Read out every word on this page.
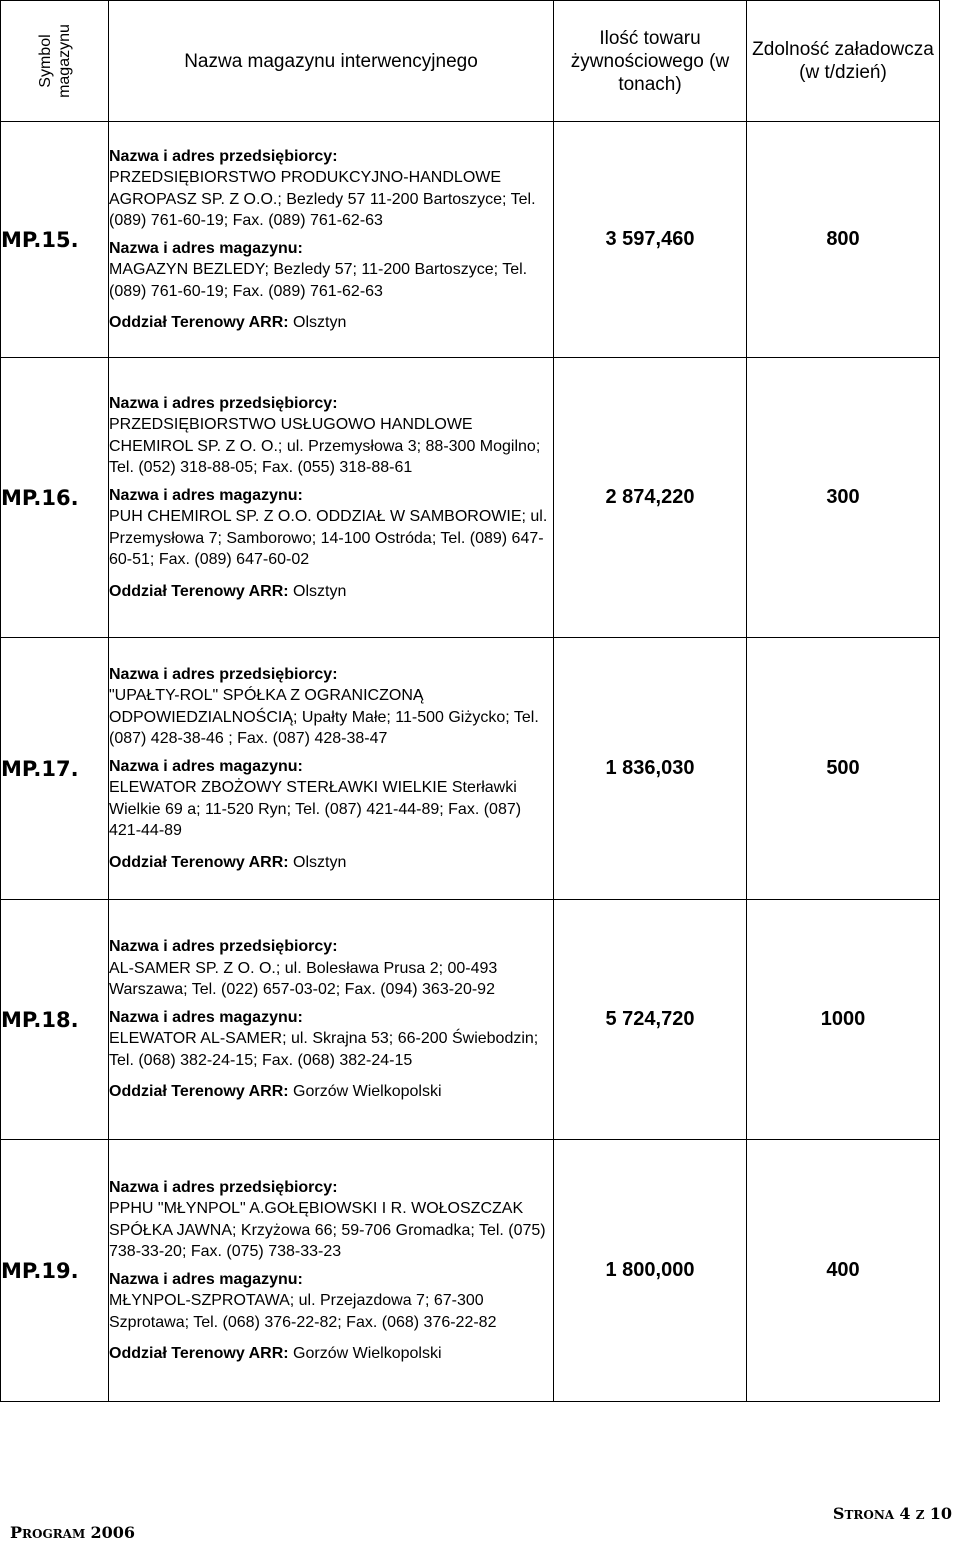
Symbol magazynu	Nazwa magazynu interwencyjnego	Ilość towaru żywnościowego (w tonach)	Zdolność załadowcza (w t/dzień)
MP.15.	Nazwa i adres przedsiębiorcy:
PRZEDSIĘBIORSTWO PRODUKCYJNO-HANDLOWE AGROPASZ SP. Z O.O.; Bezledy 57 11-200 Bartoszyce; Tel. (089) 761-60-19; Fax. (089) 761-62-63
Nazwa i adres magazynu:
MAGAZYN BEZLEDY; Bezledy 57; 11-200 Bartoszyce; Tel. (089) 761-60-19; Fax. (089) 761-62-63
Oddział Terenowy ARR: Olsztyn	3 597,460	800
MP.16.	Nazwa i adres przedsiębiorcy:
PRZEDSIĘBIORSTWO USŁUGOWO HANDLOWE CHEMIROL SP. Z O. O.; ul. Przemysłowa 3; 88-300 Mogilno; Tel. (052) 318-88-05; Fax. (055) 318-88-61
Nazwa i adres magazynu:
PUH CHEMIROL SP. Z O.O. ODDZIAŁ W SAMBOROWIE; ul. Przemysłowa 7; Samborowo; 14-100 Ostróda; Tel. (089) 647-60-51; Fax. (089) 647-60-02
Oddział Terenowy ARR: Olsztyn	2 874,220	300
MP.17.	Nazwa i adres przedsiębiorcy:
"UPAŁTY-ROL" SPÓŁKA Z OGRANICZONĄ ODPOWIEDZIALNOŚCIĄ; Upałty Małe; 11-500 Giżycko; Tel. (087) 428-38-46 ; Fax. (087) 428-38-47
Nazwa i adres magazynu:
ELEWATOR ZBOŻOWY STERŁAWKI WIELKIE Sterławki Wielkie 69 a; 11-520 Ryn; Tel. (087) 421-44-89; Fax. (087) 421-44-89
Oddział Terenowy ARR: Olsztyn	1 836,030	500
MP.18.	Nazwa i adres przedsiębiorcy:
AL-SAMER SP. Z O. O.; ul. Bolesława Prusa 2; 00-493 Warszawa; Tel. (022) 657-03-02; Fax. (094) 363-20-92
Nazwa i adres magazynu:
ELEWATOR AL-SAMER; ul. Skrajna 53; 66-200 Świebodzin; Tel. (068) 382-24-15; Fax. (068) 382-24-15
Oddział Terenowy ARR: Gorzów Wielkopolski	5 724,720	1000
MP.19.	Nazwa i adres przedsiębiorcy:
PPHU "MŁYNPOL" A.GOŁĘBIOWSKI I R. WOŁOSZCZAK SPÓŁKA JAWNA; Krzyżowa 66; 59-706 Gromadka; Tel. (075) 738-33-20; Fax. (075) 738-33-23
Nazwa i adres magazynu:
MŁYNPOL-SZPROTAWA; ul. Przejazdowa 7; 67-300 Szprotawa; Tel. (068) 376-22-82; Fax. (068) 376-22-82
Oddział Terenowy ARR: Gorzów Wielkopolski	1 800,000	400
PROGRAM 2006
STRONA 4 Z 10
